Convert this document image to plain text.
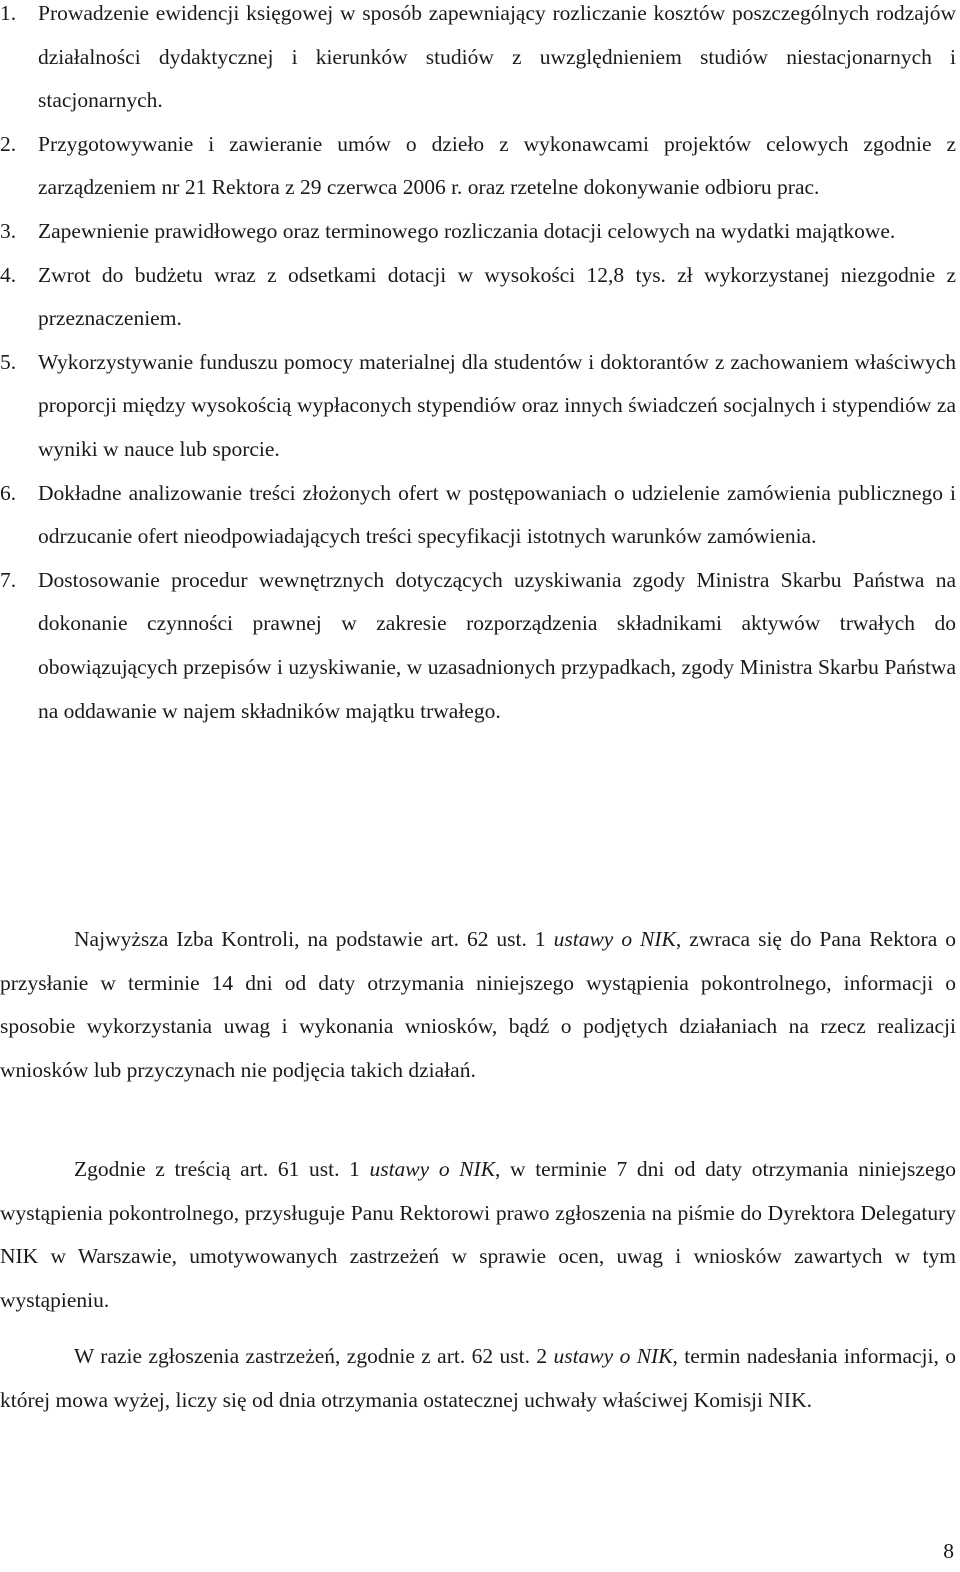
1. Prowadzenie ewidencji księgowej w sposób zapewniający rozliczanie kosztów poszczególnych rodzajów działalności dydaktycznej i kierunków studiów z uwzględnieniem studiów niestacjonarnych i stacjonarnych.
2. Przygotowywanie i zawieranie umów o dzieło z wykonawcami projektów celowych zgodnie z zarządzeniem nr 21 Rektora z 29 czerwca 2006 r. oraz rzetelne dokonywanie odbioru prac.
3. Zapewnienie prawidłowego oraz terminowego rozliczania dotacji celowych na wydatki majątkowe.
4. Zwrot do budżetu wraz z odsetkami dotacji w wysokości 12,8 tys. zł wykorzystanej niezgodnie z przeznaczeniem.
5. Wykorzystywanie funduszu pomocy materialnej dla studentów i doktorantów z zachowaniem właściwych proporcji między wysokością wypłaconych stypendiów oraz innych świadczeń socjalnych i stypendiów za wyniki w nauce lub sporcie.
6. Dokładne analizowanie treści złożonych ofert w postępowaniach o udzielenie zamówienia publicznego i odrzucanie ofert nieodpowiadających treści specyfikacji istotnych warunków zamówienia.
7. Dostosowanie procedur wewnętrznych dotyczących uzyskiwania zgody Ministra Skarbu Państwa na dokonanie czynności prawnej w zakresie rozporządzenia składnikami aktywów trwałych do obowiązujących przepisów i uzyskiwanie, w uzasadnionych przypadkach, zgody Ministra Skarbu Państwa na oddawanie w najem składników majątku trwałego.

Najwyższa Izba Kontroli, na podstawie art. 62 ust. 1 ustawy o NIK, zwraca się do Pana Rektora o przysłanie w terminie 14 dni od daty otrzymania niniejszego wystąpienia pokontrolnego, informacji o sposobie wykorzystania uwag i wykonania wniosków, bądź o podjętych działaniach na rzecz realizacji wniosków lub przyczynach nie podjęcia takich działań.

Zgodnie z treścią art. 61 ust. 1 ustawy o NIK, w terminie 7 dni od daty otrzymania niniejszego wystąpienia pokontrolnego, przysługuje Panu Rektorowi prawo zgłoszenia na piśmie do Dyrektora Delegatury NIK w Warszawie, umotywowanych zastrzeżeń w sprawie ocen, uwag i wniosków zawartych w tym wystąpieniu.

W razie zgłoszenia zastrzeżeń, zgodnie z art. 62 ust. 2 ustawy o NIK, termin nadesłania informacji, o której mowa wyżej, liczy się od dnia otrzymania ostatecznej uchwały właściwej Komisji NIK.

8
